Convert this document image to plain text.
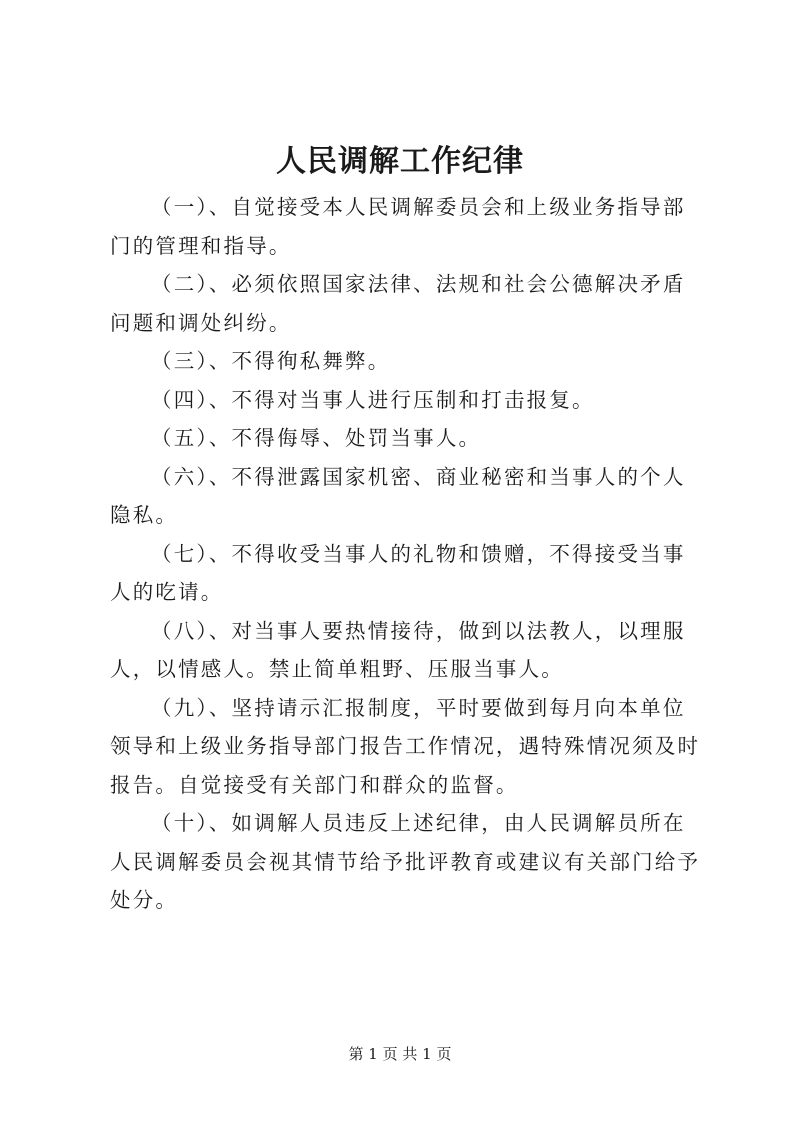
人民调解工作纪律

（一）、自觉接受本人民调解委员会和上级业务指导部门的管理和指导。

（二）、必须依照国家法律、法规和社会公德解决矛盾问题和调处纠纷。

（三）、不得徇私舞弊。

（四）、不得对当事人进行压制和打击报复。

（五）、不得侮辱、处罚当事人。

（六）、不得泄露国家机密、商业秘密和当事人的个人隐私。

（七）、不得收受当事人的礼物和馈赠，不得接受当事人的吃请。

（八）、对当事人要热情接待，做到以法教人，以理服人，以情感人。禁止简单粗野、压服当事人。

（九）、坚持请示汇报制度，平时要做到每月向本单位领导和上级业务指导部门报告工作情况，遇特殊情况须及时报告。自觉接受有关部门和群众的监督。

（十）、如调解人员违反上述纪律，由人民调解员所在人民调解委员会视其情节给予批评教育或建议有关部门给予处分。

第 1 页 共 1 页
